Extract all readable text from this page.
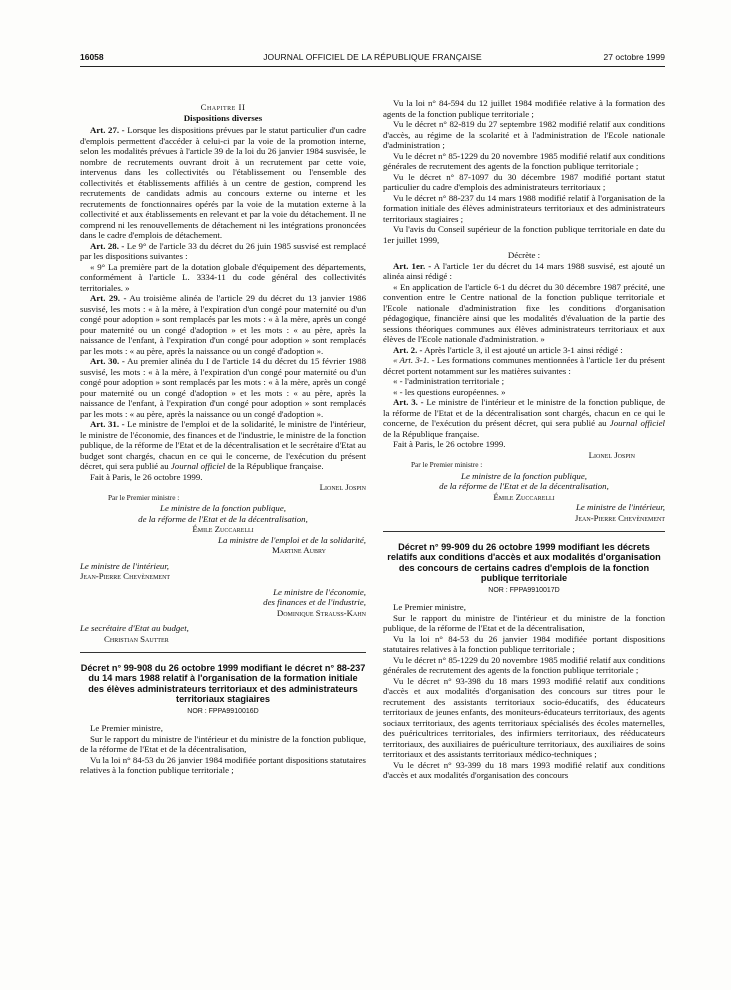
16058	JOURNAL OFFICIEL DE LA RÉPUBLIQUE FRANÇAISE	27 octobre 1999

Chapitre II

Dispositions diverses

Art. 27. - Lorsque les dispositions prévues par le statut particulier d'un cadre d'emplois permettent d'accéder à celui-ci par la voie de la promotion interne, selon les modalités prévues à l'article 39 de la loi du 26 janvier 1984 susvisée, le nombre de recrutements ouvrant droit à un recrutement par cette voie, intervenus dans les collectivités ou l'établissement ou l'ensemble des collectivités et établissements affiliés à un centre de gestion, comprend les recrutements de candidats admis au concours externe ou interne et les recrutements de fonctionnaires opérés par la voie de la mutation externe à la collectivité et aux établissements en relevant et par la voie du détachement. Il ne comprend ni les renouvellements de détachement ni les intégrations prononcées dans le cadre d'emplois de détachement.

Art. 28. - Le 9° de l'article 33 du décret du 26 juin 1985 susvisé est remplacé par les dispositions suivantes :

« 9° La première part de la dotation globale d'équipement des départements, conformément à l'article L. 3334-11 du code général des collectivités territoriales. »

Art. 29. - Au troisième alinéa de l'article 29 du décret du 13 janvier 1986 susvisé, les mots : « à la mère, à l'expiration d'un congé pour maternité ou d'un congé pour adoption » sont remplacés par les mots : « à la mère, après un congé pour maternité ou un congé d'adoption » et les mots : « au père, après la naissance de l'enfant, à l'expiration d'un congé pour adoption » sont remplacés par les mots : « au père, après la naissance ou un congé d'adoption ».

Art. 30. - Au premier alinéa du I de l'article 14 du décret du 15 février 1988 susvisé, les mots : « à la mère, à l'expiration d'un congé pour maternité ou d'un congé pour adoption » sont remplacés par les mots : « à la mère, après un congé pour maternité ou un congé d'adoption » et les mots : « au père, après la naissance de l'enfant, à l'expiration d'un congé pour adoption » sont remplacés par les mots : « au père, après la naissance ou un congé d'adoption ».

Art. 31. - Le ministre de l'emploi et de la solidarité, le ministre de l'intérieur, le ministre de l'économie, des finances et de l'industrie, le ministre de la fonction publique, de la réforme de l'Etat et de la décentralisation et le secrétaire d'Etat au budget sont chargés, chacun en ce qui le concerne, de l'exécution du présent décret, qui sera publié au Journal officiel de la République française.

Fait à Paris, le 26 octobre 1999.

Lionel Jospin

Par le Premier ministre :

Le ministre de la fonction publique,

de la réforme de l'Etat et de la décentralisation,

Émile Zuccarelli

La ministre de l'emploi et de la solidarité,

Martine Aubry

Le ministre de l'intérieur,

Jean-Pierre Chevènement

Le ministre de l'économie,

des finances et de l'industrie,

Dominique Strauss-Kahn

Le secrétaire d'Etat au budget,

Christian Sautter

Décret n° 99-908 du 26 octobre 1999 modifiant le décret n° 88-237 du 14 mars 1988 relatif à l'organisation de la formation initiale des élèves administrateurs territoriaux et des administrateurs territoriaux stagiaires

NOR : FPPA9910016D

Le Premier ministre,

Sur le rapport du ministre de l'intérieur et du ministre de la fonction publique, de la réforme de l'Etat et de la décentralisation,

Vu la loi n° 84-53 du 26 janvier 1984 modifiée portant dispositions statutaires relatives à la fonction publique territoriale ;

Vu la loi n° 84-594 du 12 juillet 1984 modifiée relative à la formation des agents de la fonction publique territoriale ;

Vu le décret n° 82-819 du 27 septembre 1982 modifié relatif aux conditions d'accès, au régime de la scolarité et à l'administration de l'Ecole nationale d'administration ;

Vu le décret n° 85-1229 du 20 novembre 1985 modifié relatif aux conditions générales de recrutement des agents de la fonction publique territoriale ;

Vu le décret n° 87-1097 du 30 décembre 1987 modifié portant statut particulier du cadre d'emplois des administrateurs territoriaux ;

Vu le décret n° 88-237 du 14 mars 1988 modifié relatif à l'organisation de la formation initiale des élèves administrateurs territoriaux et des administrateurs territoriaux stagiaires ;

Vu l'avis du Conseil supérieur de la fonction publique territoriale en date du 1er juillet 1999,

Décrète :

Art. 1er. - A l'article 1er du décret du 14 mars 1988 susvisé, est ajouté un alinéa ainsi rédigé :

« En application de l'article 6-1 du décret du 30 décembre 1987 précité, une convention entre le Centre national de la fonction publique territoriale et l'Ecole nationale d'administration fixe les conditions d'organisation pédagogique, financière ainsi que les modalités d'évaluation de la partie des sessions théoriques communes aux élèves administrateurs territoriaux et aux élèves de l'Ecole nationale d'administration. »

Art. 2. - Après l'article 3, il est ajouté un article 3-1 ainsi rédigé :

« Art. 3-1. - Les formations communes mentionnées à l'article 1er du présent décret portent notamment sur les matières suivantes :

« - l'administration territoriale ;

« - les questions européennes. »

Art. 3. - Le ministre de l'intérieur et le ministre de la fonction publique, de la réforme de l'Etat et de la décentralisation sont chargés, chacun en ce qui le concerne, de l'exécution du présent décret, qui sera publié au Journal officiel de la République française.

Fait à Paris, le 26 octobre 1999.

Lionel Jospin

Par le Premier ministre :

Le ministre de la fonction publique,

de la réforme de l'Etat et de la décentralisation,

Émile Zuccarelli

Le ministre de l'intérieur,

Jean-Pierre Chevènement

Décret n° 99-909 du 26 octobre 1999 modifiant les décrets relatifs aux conditions d'accès et aux modalités d'organisation des concours de certains cadres d'emplois de la fonction publique territoriale

NOR : FPPA9910017D

Le Premier ministre,

Sur le rapport du ministre de l'intérieur et du ministre de la fonction publique, de la réforme de l'Etat et de la décentralisation,

Vu la loi n° 84-53 du 26 janvier 1984 modifiée portant dispositions statutaires relatives à la fonction publique territoriale ;

Vu le décret n° 85-1229 du 20 novembre 1985 modifié relatif aux conditions générales de recrutement des agents de la fonction publique territoriale ;

Vu le décret n° 93-398 du 18 mars 1993 modifié relatif aux conditions d'accès et aux modalités d'organisation des concours sur titres pour le recrutement des assistants territoriaux socio-éducatifs, des éducateurs territoriaux de jeunes enfants, des moniteurs-éducateurs territoriaux, des agents sociaux territoriaux, des agents territoriaux spécialisés des écoles maternelles, des puéricultrices territoriales, des infirmiers territoriaux, des rééducateurs territoriaux, des auxiliaires de puériculture territoriaux, des auxiliaires de soins territoriaux et des assistants territoriaux médico-techniques ;

Vu le décret n° 93-399 du 18 mars 1993 modifié relatif aux conditions d'accès et aux modalités d'organisation des concours
